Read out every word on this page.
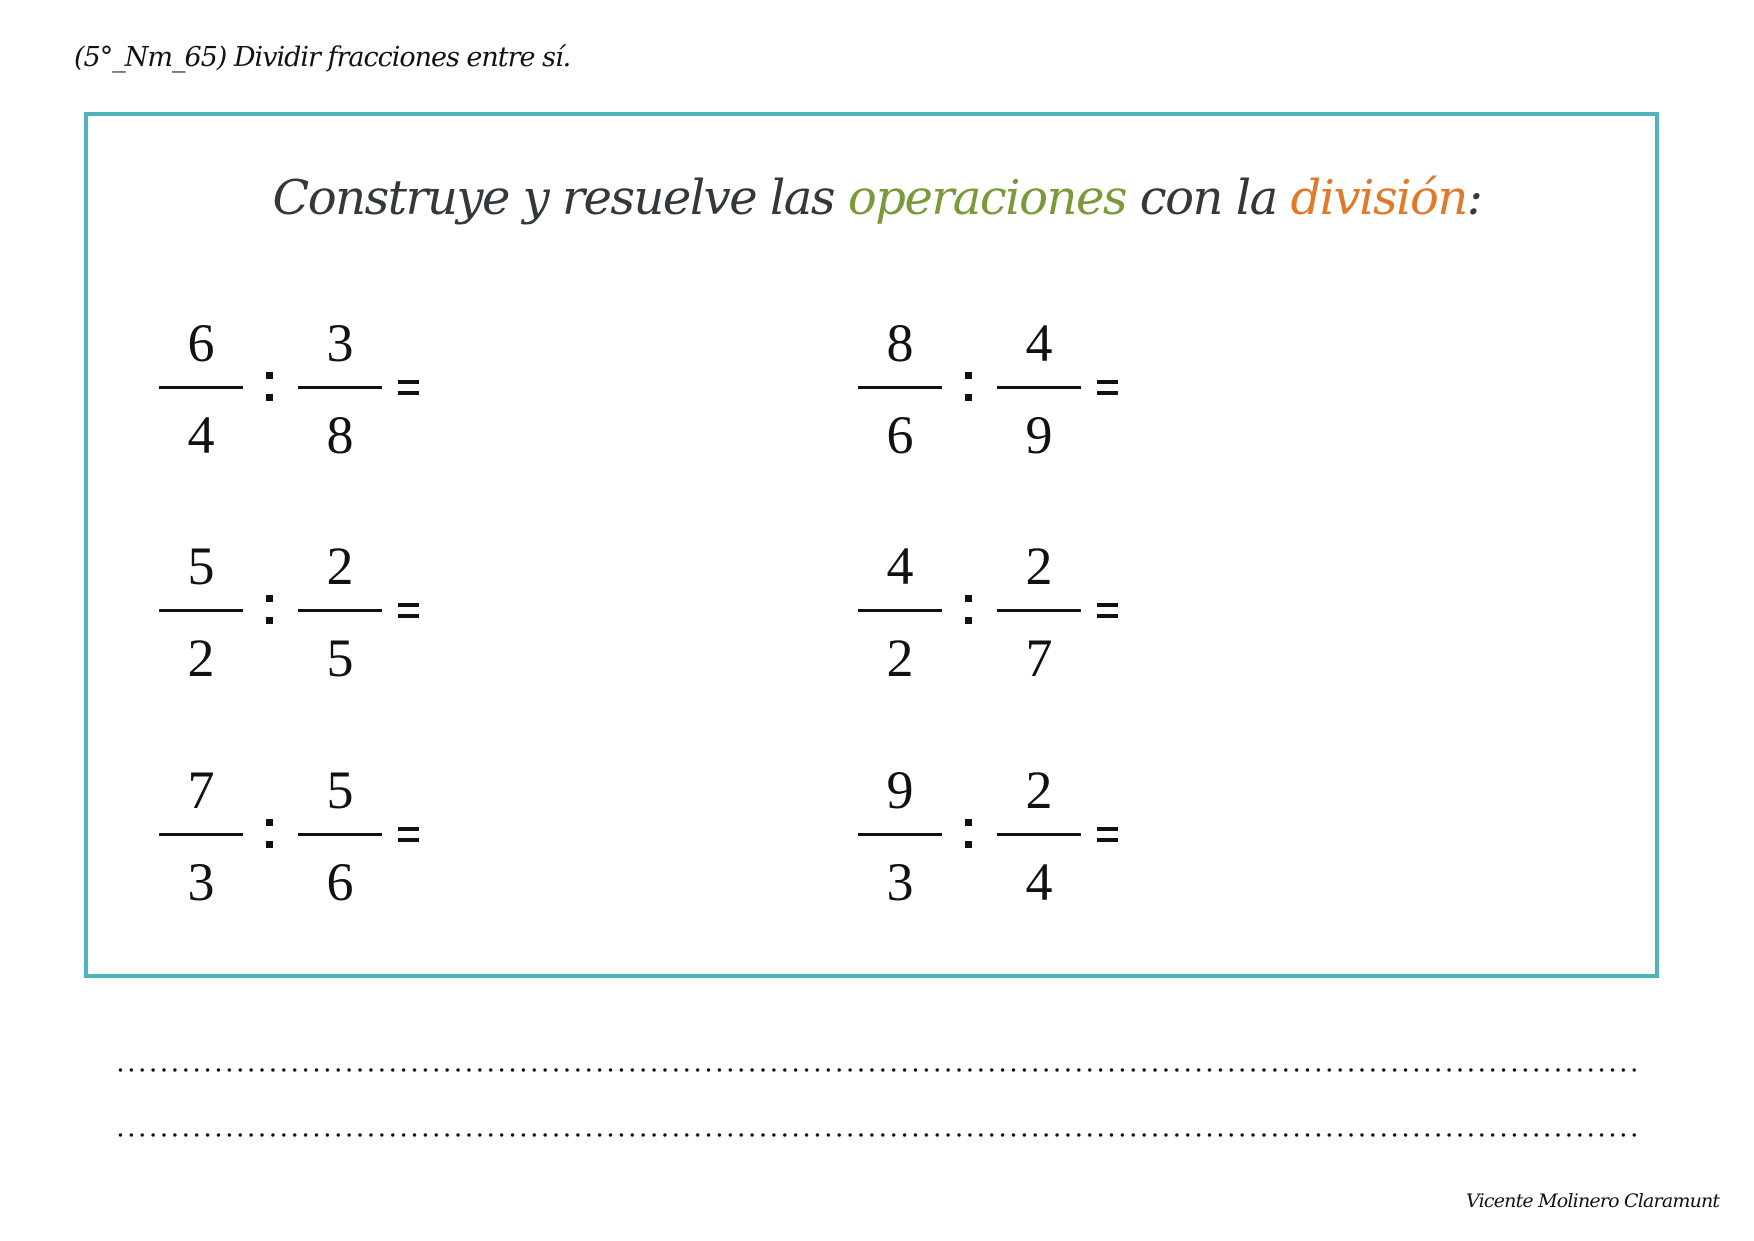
(5°_Nm_65) Dividir fracciones entre sí.
Construye y resuelve las operaciones con la división:
6
4
3
8
8
6
4
9
5
2
2
5
4
2
2
7
7
3
5
6
9
3
2
4
Vicente Molinero Claramunt
